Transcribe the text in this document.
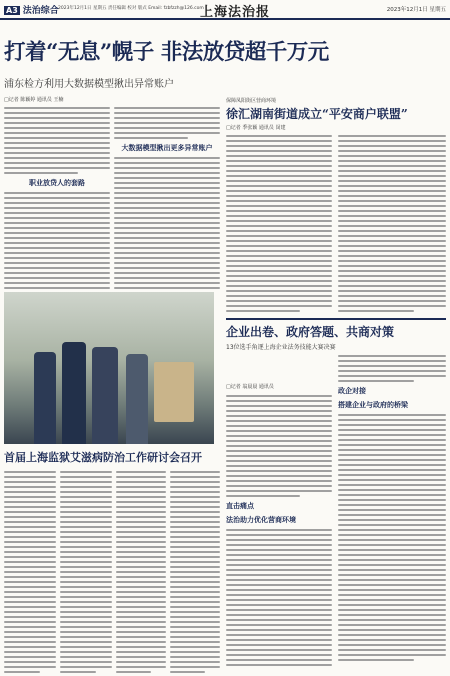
A3 法治综合 2023年12月1日 星期五 责任编辑 校对 版式 Email: fzbfzzh@126.com
上海法治报	2023年12月1日 星期五
打着“无息”幌子 非法放贷超千万元
浦东检方利用大数据模型揪出异常账户
□记者 陈颖婷 通讯员 王楠
职业放贷人的套路
大数据模型揪出更多异常账户
保障凤阳街区营商环境
徐汇湖南街道成立“平安商户联盟”
□记者 季张颖 通讯员 闵建
企业出卷、政府答题、共商对策
13位选手角逐上海企业法务技能大赛决赛
□记者 翁晨晨 通讯员
直击痛点
法治助力优化营商环境
政企对接
搭建企业与政府的桥梁
首届上海监狱艾滋病防治工作研讨会召开
